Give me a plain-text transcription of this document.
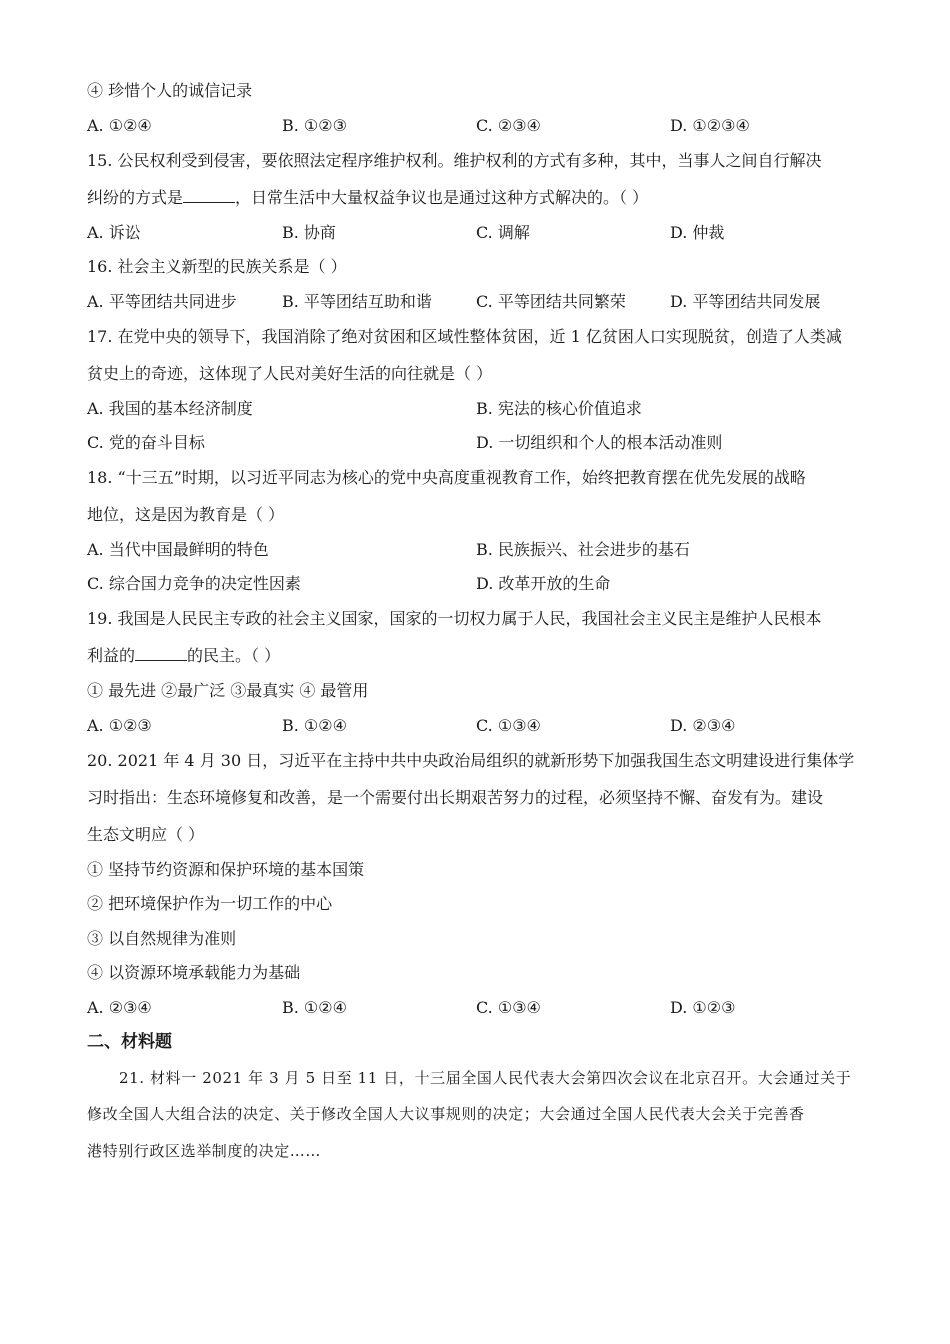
④ 珍惜个人的诚信记录
A. ①②④	B. ①②③	C. ②③④	D. ①②③④
15. 公民权利受到侵害，要依照法定程序维护权利。维护权利的方式有多种，其中，当事人之间自行解决
纠纷的方式是	，日常生活中大量权益争议也是通过这种方式解决的。（ ）
A. 诉讼	B. 协商	C. 调解	D. 仲裁
16. 社会主义新型的民族关系是（ ）
A. 平等团结共同进步	B. 平等团结互助和谐	C. 平等团结共同繁荣	D. 平等团结共同发展
17. 在党中央的领导下，我国消除了绝对贫困和区域性整体贫困，近 1 亿贫困人口实现脱贫，创造了人类减
贫史上的奇迹，这体现了人民对美好生活的向往就是（ ）
A. 我国的基本经济制度	B. 宪法的核心价值追求
C. 党的奋斗目标	D. 一切组织和个人的根本活动准则
18. “十三五”时期，以习近平同志为核心的党中央高度重视教育工作，始终把教育摆在优先发展的战略
地位，这是因为教育是（ ）
A. 当代中国最鲜明的特色	B. 民族振兴、社会进步的基石
C. 综合国力竞争的决定性因素	D. 改革开放的生命
19. 我国是人民民主专政的社会主义国家，国家的一切权力属于人民，我国社会主义民主是维护人民根本
利益的	的民主。（ ）
① 最先进 ②最广泛 ③最真实 ④ 最管用
A. ①②③	B. ①②④	C. ①③④	D. ②③④
20. 2021 年 4 月 30 日，习近平在主持中共中央政治局组织的就新形势下加强我国生态文明建设进行集体学
习时指出：生态环境修复和改善，是一个需要付出长期艰苦努力的过程，必须坚持不懈、奋发有为。建设
生态文明应（ ）
① 坚持节约资源和保护环境的基本国策
② 把环境保护作为一切工作的中心
③ 以自然规律为准则
④ 以资源环境承载能力为基础
A. ②③④	B. ①②④	C. ①③④	D. ①②③
二、材料题
21. 材料一 2021 年 3 月 5 日至 11 日，十三届全国人民代表大会第四次会议在北京召开。大会通过关于
修改全国人大组合法的决定、关于修改全国人大议事规则的决定；大会通过全国人民代表大会关于完善香
港特别行政区选举制度的决定……
